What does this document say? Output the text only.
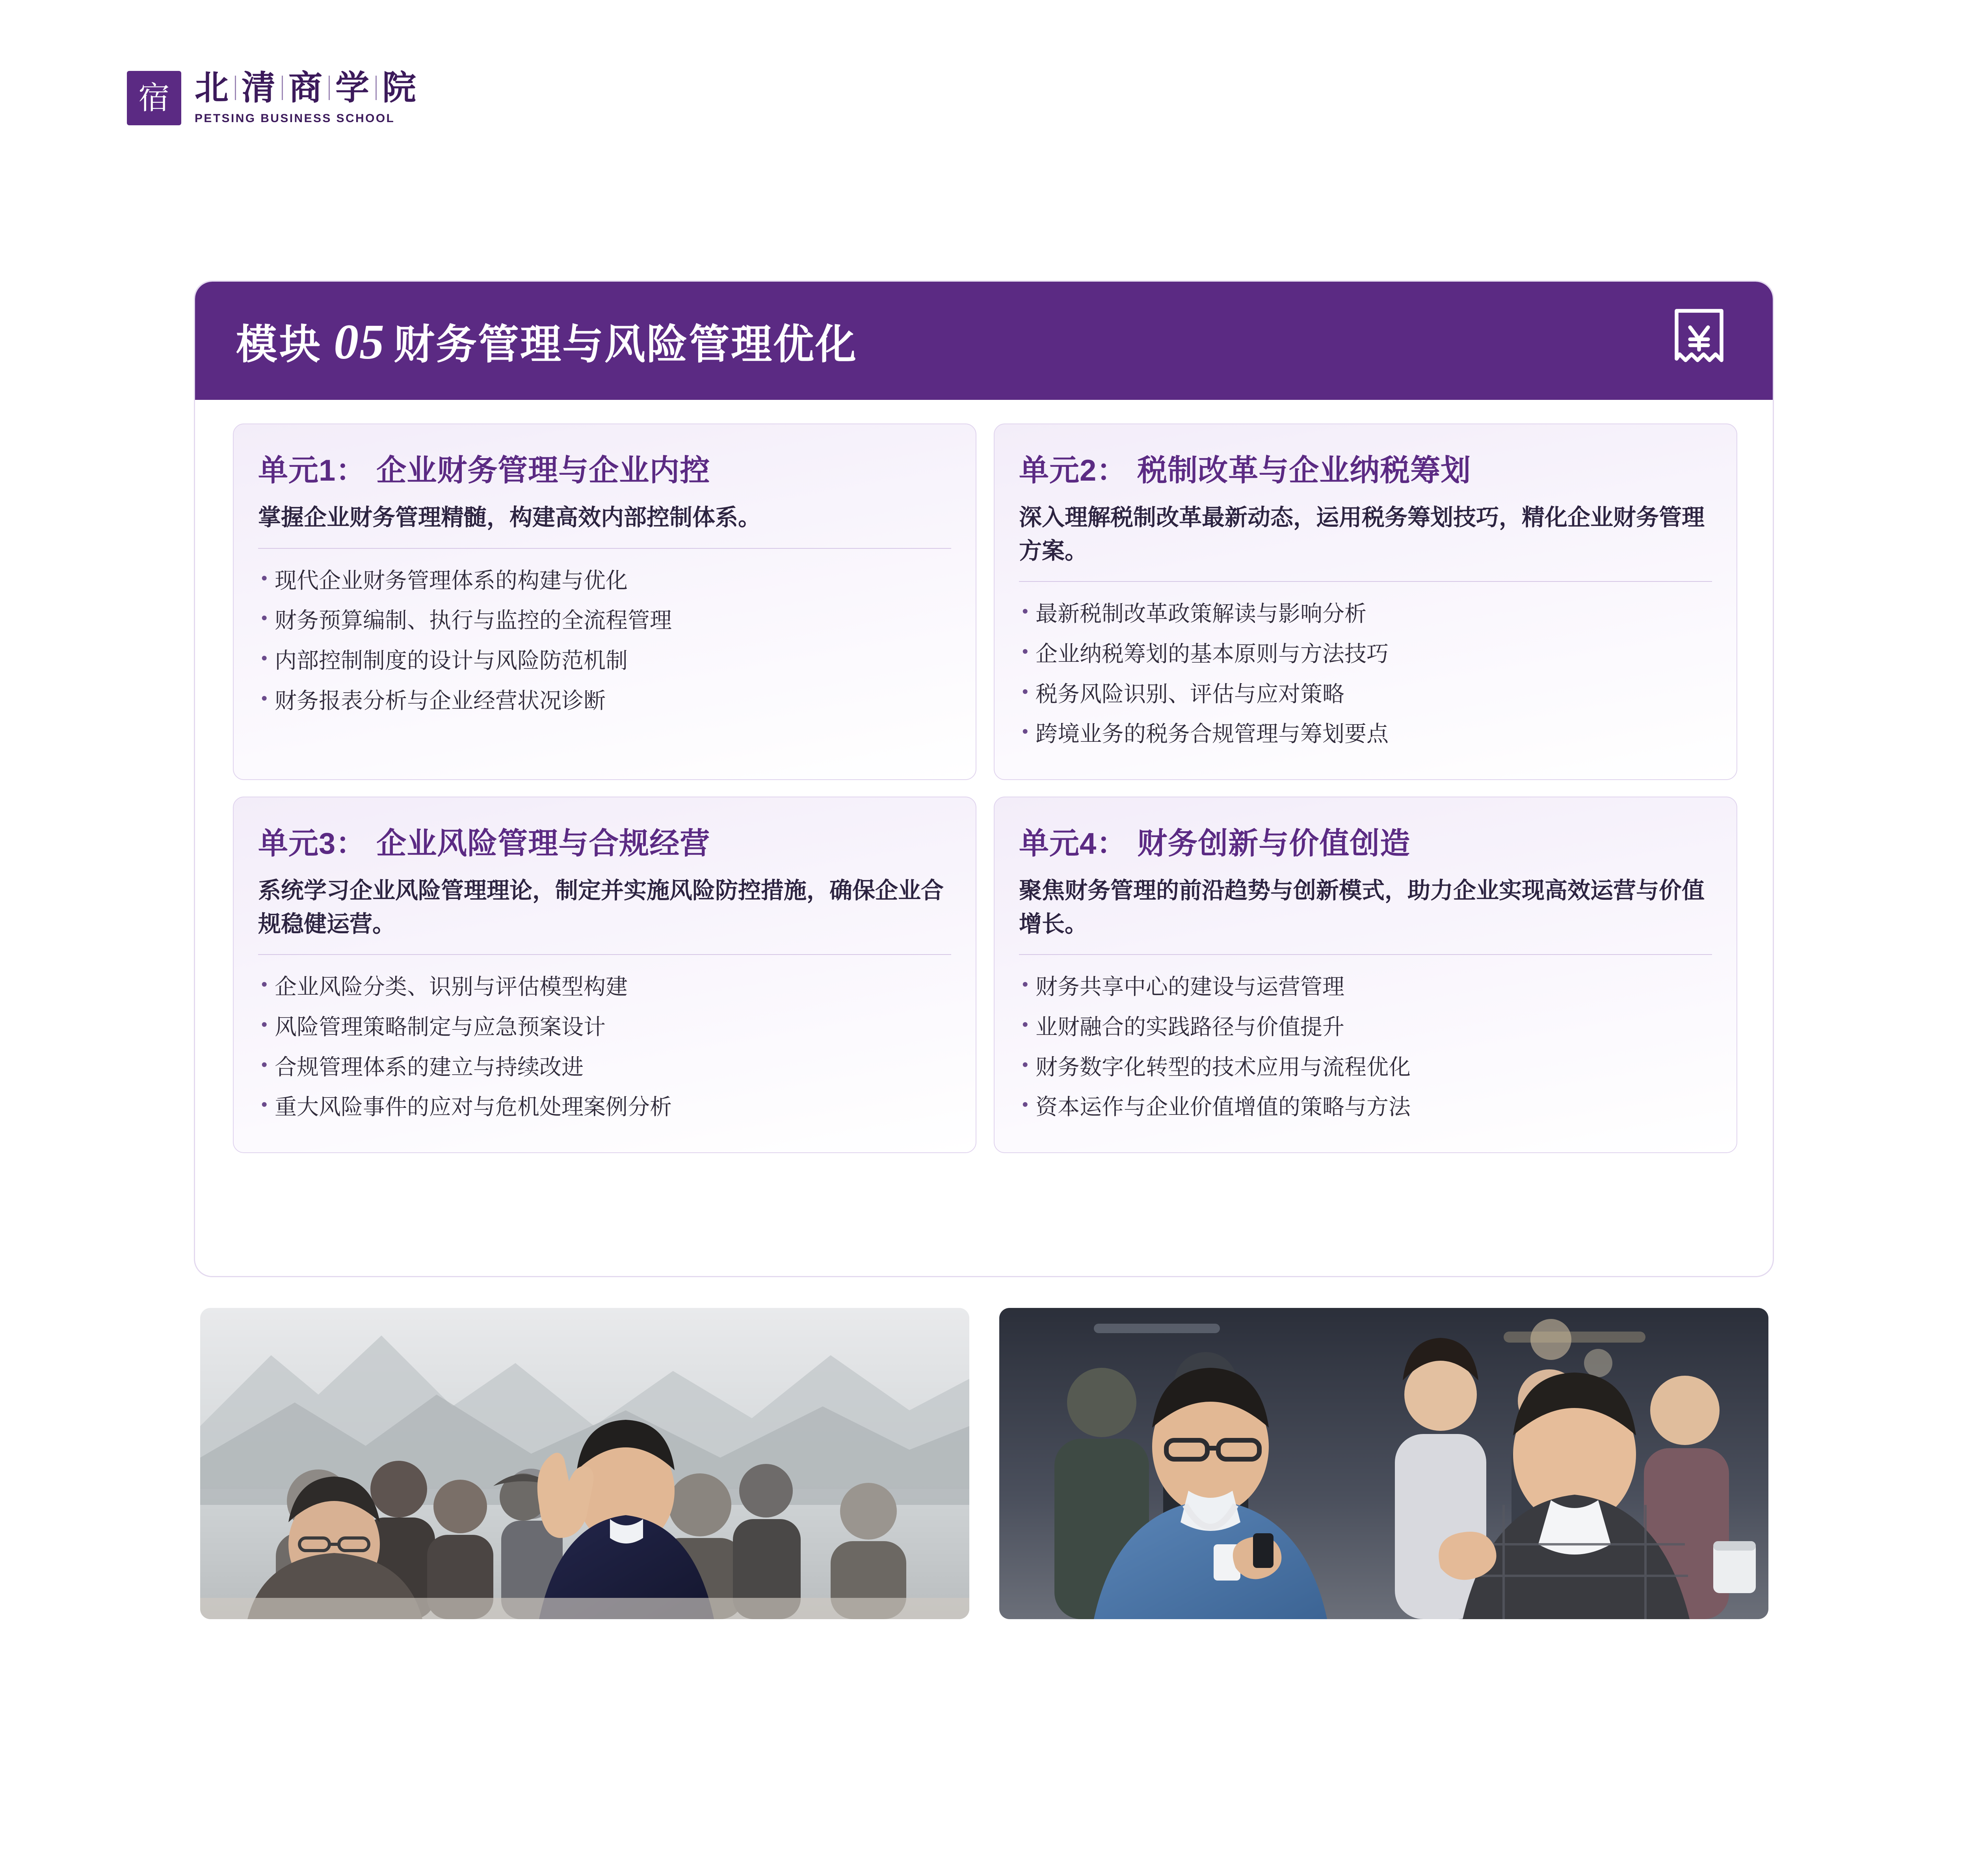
宿 北 清 商 学 院
PETSING BUSINESS SCHOOL
模块 05 财务管理与风险管理优化
单元1： 企业财务管理与企业内控

掌握企业财务管理精髄，构建高效内部控制体系。

• 现代企业财务管理体系的构建与优化
• 财务预算编制、执行与监控的全流程管理
• 内部控制制度的设计与风险防范机制
• 财务报表分析与企业经营状况诊断
单元2： 税制改革与企业纳税筹划

深入理解税制改革最新动态，运用税务筹划技巧，精化企业财务管理方案。

• 最新税制改革政策解读与影响分析
• 企业纳税筹划的基本原则与方法技巧
• 税务风险识别、评估与应对策略
• 跨境业务的税务合规管理与筹划要点
单元3： 企业风险管理与合规经营

系统学习企业风险管理理论，制定并实施风险防控措施，确保企业合规稳健运营。

• 企业风险分类、识别与评估模型构建
• 风险管理策略制定与应急预案设计
• 合规管理体系的建立与持续改进
• 重大风险事件的应对与危机处理案例分析
单元4： 财务创新与价值创造

聚焦财务管理的前沿趋势与创新模式，助力企业实现高效运营与价值增长。

• 财务共享中心的建设与运营管理
• 业财融合的实践路径与价值提升
• 财务数字化转型的技术应用与流程优化
• 资本运作与企业价值增值的策略与方法
